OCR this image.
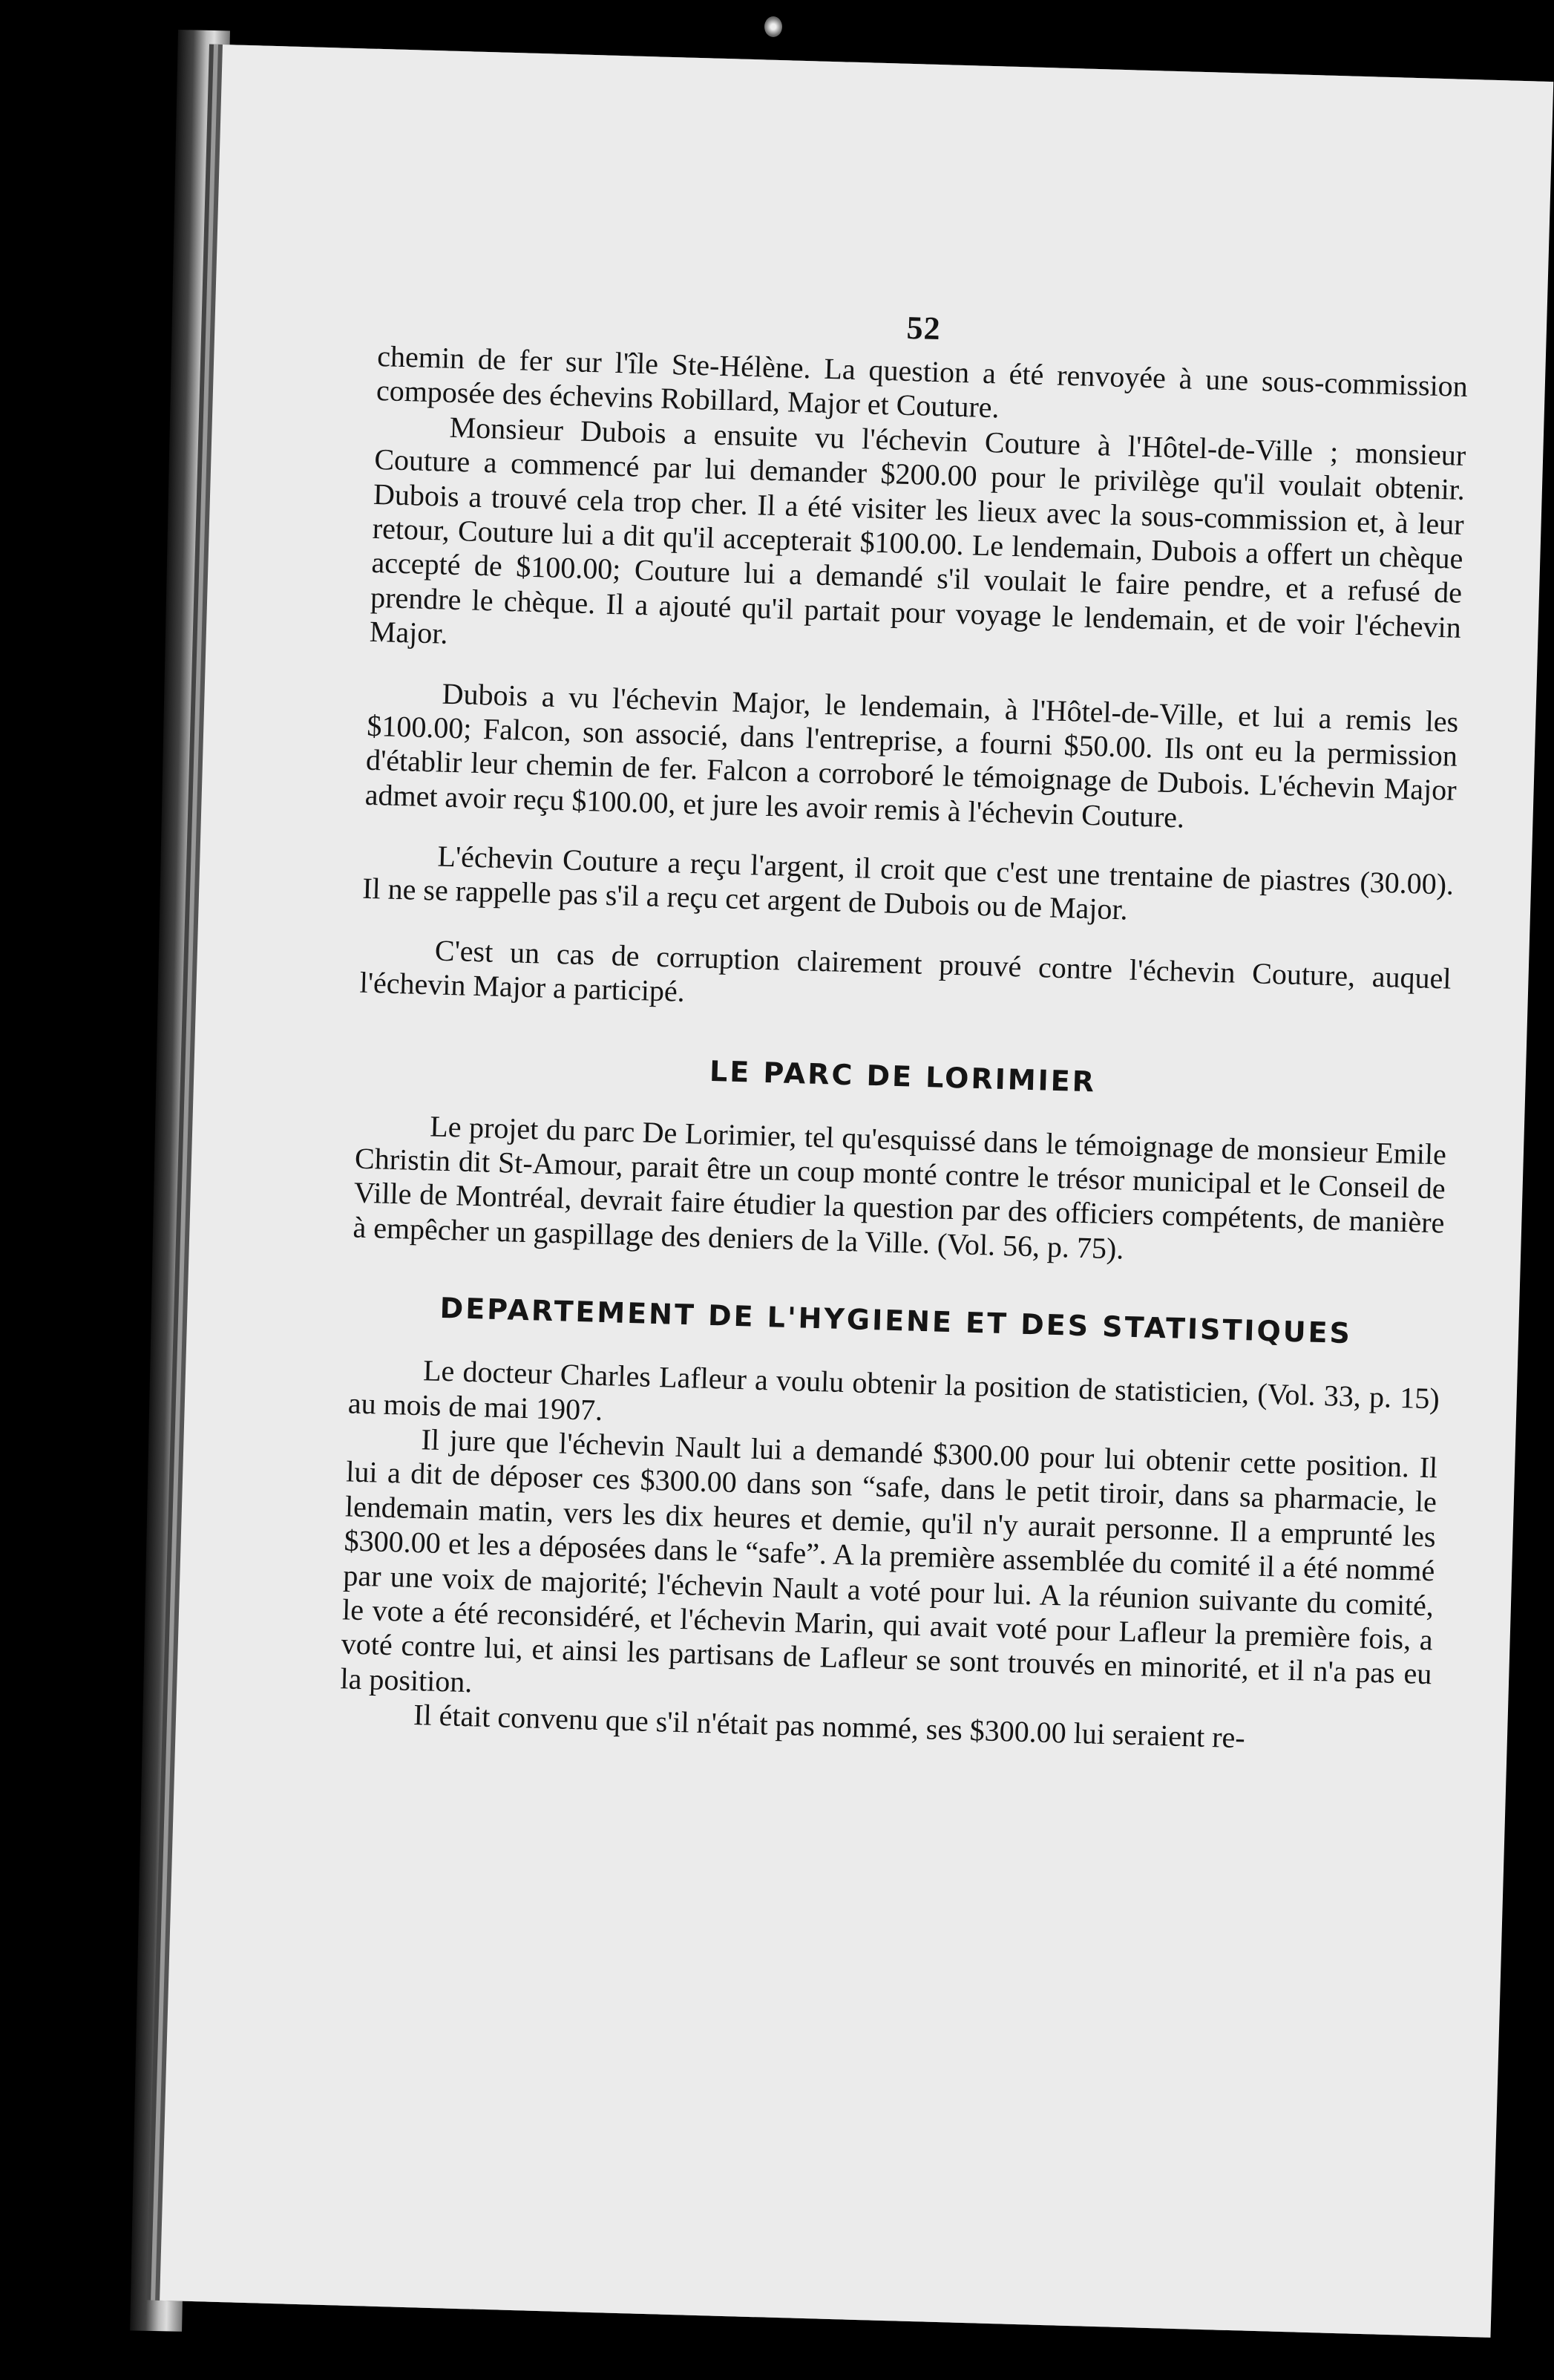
52

chemin de fer sur l'île Ste-Hélène. La question a été renvoyée à une sous-commission composée des échevins Robillard, Major et Couture.

Monsieur Dubois a ensuite vu l'échevin Couture à l'Hôtel-de-Ville ; monsieur Couture a commencé par lui demander $200.00 pour le privilège qu'il voulait obtenir. Dubois a trouvé cela trop cher. Il a été visiter les lieux avec la sous-commission et, à leur retour, Couture lui a dit qu'il accepterait $100.00. Le lendemain, Dubois a offert un chèque accepté de $100.00; Couture lui a demandé s'il voulait le faire pendre, et a refusé de prendre le chèque. Il a ajouté qu'il partait pour voyage le lendemain, et de voir l'échevin Major.

Dubois a vu l'échevin Major, le lendemain, à l'Hôtel-de-Ville, et lui a remis les $100.00; Falcon, son associé, dans l'entreprise, a fourni $50.00. Ils ont eu la permission d'établir leur chemin de fer. Falcon a corroboré le témoignage de Dubois. L'échevin Major admet avoir reçu $100.00, et jure les avoir remis à l'échevin Couture.

L'échevin Couture a reçu l'argent, il croit que c'est une trentaine de piastres (30.00). Il ne se rappelle pas s'il a reçu cet argent de Dubois ou de Major.

C'est un cas de corruption clairement prouvé contre l'échevin Couture, auquel l'échevin Major a participé.

LE PARC DE LORIMIER

Le projet du parc De Lorimier, tel qu'esquissé dans le témoignage de monsieur Emile Christin dit St-Amour, parait être un coup monté contre le trésor municipal et le Conseil de Ville de Montréal, devrait faire étudier la question par des officiers compétents, de manière à empêcher un gaspillage des deniers de la Ville. (Vol. 56, p. 75).

DEPARTEMENT DE L'HYGIENE ET DES STATISTIQUES

Le docteur Charles Lafleur a voulu obtenir la position de statisticien, (Vol. 33, p. 15) au mois de mai 1907.

Il jure que l'échevin Nault lui a demandé $300.00 pour lui obtenir cette position. Il lui a dit de déposer ces $300.00 dans son “safe, dans le petit tiroir, dans sa pharmacie, le lendemain matin, vers les dix heures et demie, qu'il n'y aurait personne. Il a emprunté les $300.00 et les a déposées dans le “safe”. A la première assemblée du comité il a été nommé par une voix de majorité; l'échevin Nault a voté pour lui. A la réunion suivante du comité, le vote a été reconsidéré, et l'échevin Marin, qui avait voté pour Lafleur la première fois, a voté contre lui, et ainsi les partisans de Lafleur se sont trouvés en minorité, et il n'a pas eu la position.

Il était convenu que s'il n'était pas nommé, ses $300.00 lui seraient re-
